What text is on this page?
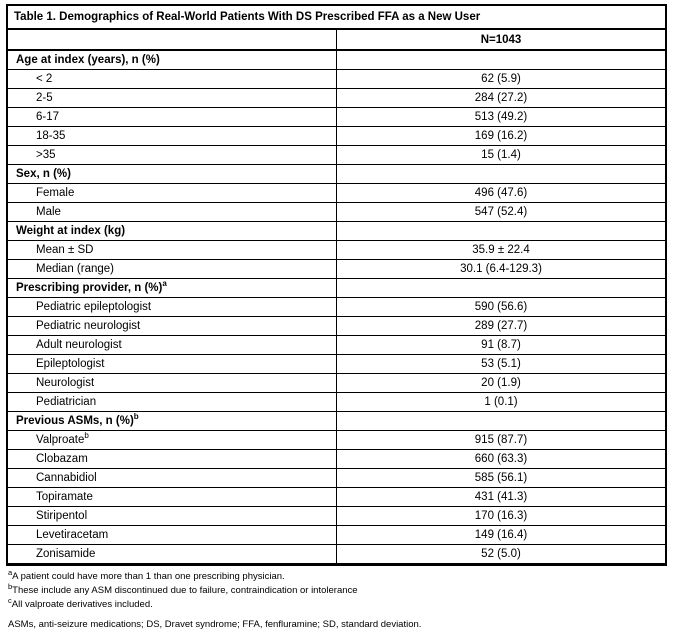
Table 1. Demographics of Real-World Patients With DS Prescribed FFA as a New User	
	N=1043
Age at index (years), n (%)	
< 2	62 (5.9)
2-5	284 (27.2)
6-17	513 (49.2)
18-35	169 (16.2)
>35	15 (1.4)
Sex, n (%)	
Female	496 (47.6)
Male	547 (52.4)
Weight at index (kg)	
Mean ± SD	35.9 ± 22.4
Median (range)	30.1 (6.4-129.3)
Prescribing provider, n (%)$^a$	
Pediatric epileptologist	590 (56.6)
Pediatric neurologist	289 (27.7)
Adult neurologist	91 (8.7)
Epileptologist	53 (5.1)
Neurologist	20 (1.9)
Pediatrician	1 (0.1)
Previous ASMs, n (%)$^b$	
Valproate$^b$	915 (87.7)
Clobazam	660 (63.3)
Cannabidiol	585 (56.1)
Topiramate	431 (41.3)
Stiripentol	170 (16.3)
Levetiracetam	149 (16.4)
Zonisamide	52 (5.0)
$^a$A patient could have more than 1 than one prescribing physician.
$^b$These include any ASM discontinued due to failure, contraindication or intolerance
$^c$All valproate derivatives included.
ASMs, anti-seizure medications; DS, Dravet syndrome; FFA, fenfluramine; SD, standard deviation.
